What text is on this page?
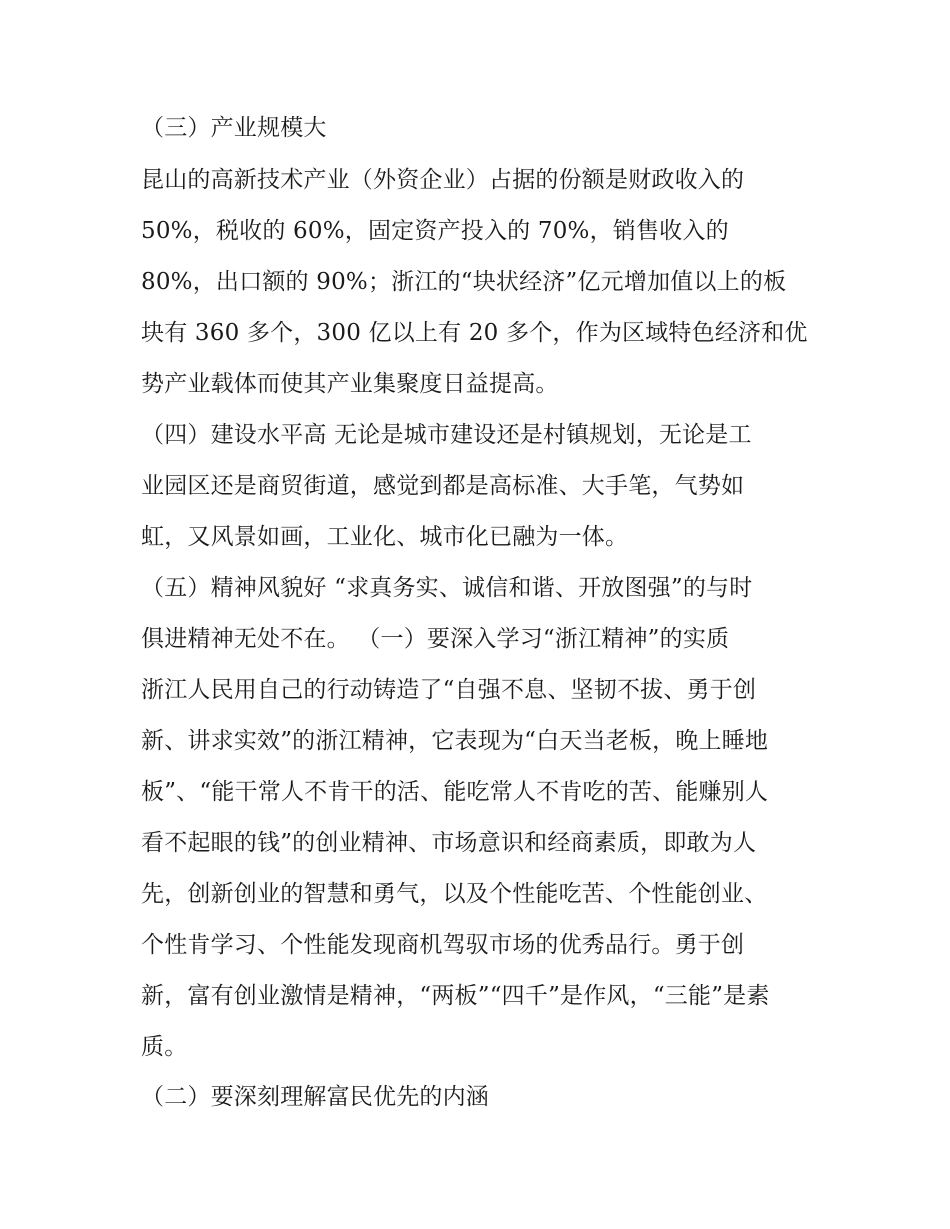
（三）产业规模大

昆山的高新技术产业（外资企业）占据的份额是财政收入的

50%，税收的 60%，固定资产投入的 70%，销售收入的

80%，出口额的 90%；浙江的“块状经济”亿元增加值以上的板

块有 360 多个，300 亿以上有 20 多个，作为区域特色经济和优

势产业载体而使其产业集聚度日益提高。

（四）建设水平高 无论是城市建设还是村镇规划，无论是工

业园区还是商贸街道，感觉到都是高标准、大手笔，气势如

虹，又风景如画，工业化、城市化已融为一体。

（五）精神风貌好 “求真务实、诚信和谐、开放图强”的与时

俱进精神无处不在。 （一）要深入学习“浙江精神”的实质

浙江人民用自己的行动铸造了“自强不息、坚韧不拔、勇于创

新、讲求实效”的浙江精神，它表现为“白天当老板，晚上睡地

板”、“能干常人不肯干的活、能吃常人不肯吃的苦、能赚别人

看不起眼的钱”的创业精神、市场意识和经商素质，即敢为人

先，创新创业的智慧和勇气，以及个性能吃苦、个性能创业、

个性肯学习、个性能发现商机驾驭市场的优秀品行。勇于创

新，富有创业激情是精神，“两板”“四千”是作风，“三能”是素

质。

（二）要深刻理解富民优先的内涵
